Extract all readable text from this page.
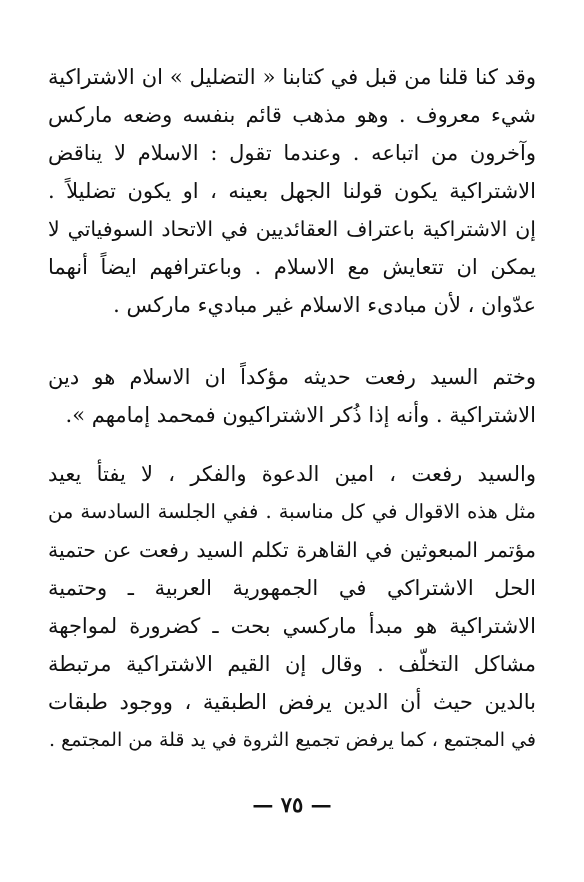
وقد كنا قلنا من قبل في كتابنا « التضليل » ان الاشتراكية
شيء معروف . وهو مذهب قائم بنفسه وضعه ماركس
وآخرون من اتباعه . وعندما تقول : الاسلام لا يناقض
الاشتراكية يكون قولنا الجهل بعينه ، او يكون تضليلاً .
إن الاشتراكية باعتراف العقائديين في الاتحاد السوفياتي لا
يمكن ان تتعايش مع الاسلام . وباعترافهم ايضاً أنهما
عدّوان ، لأن مبادىء الاسلام غير مباديء ماركس .
وختم السيد رفعت حديثه مؤكداً ان الاسلام هو دين
الاشتراكية . وأنه إذا ذُكر الاشتراكيون فمحمد إمامهم ».
والسيد رفعت ، امين الدعوة والفكر ، لا يفتأ يعيد
مثل هذه الاقوال في كل مناسبة . ففي الجلسة السادسة من
مؤتمر المبعوثين في القاهرة تكلم السيد رفعت عن حتمية
الحل الاشتراكي في الجمهورية العربية ـ وحتمية
الاشتراكية هو مبدأ ماركسي بحت ـ كضرورة لمواجهة
مشاكل التخلّف . وقال إن القيم الاشتراكية مرتبطة
بالدين حيث أن الدين يرفض الطبقية ، ووجود طبقات
في المجتمع ، كما يرفض تجميع الثروة في يد قلة من المجتمع .
— ٧٥ —
